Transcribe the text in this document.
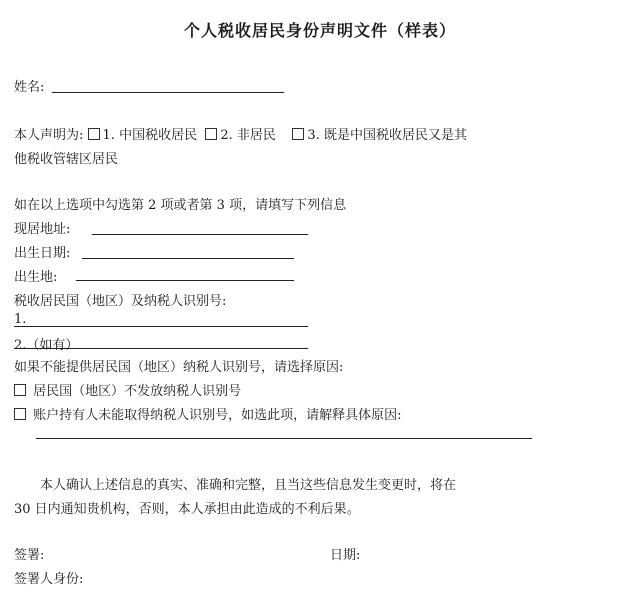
个人税收居民身份声明文件（样表）
姓名:
本人声明为: 1. 中国税收居民 2. 非居民 3. 既是中国税收居民又是其
他税收管辖区居民
如在以上选项中勾选第 2 项或者第 3 项，请填写下列信息
现居地址:
出生日期:
出生地:
税收居民国（地区）及纳税人识别号:
1.
2.（如有）
如果不能提供居民国（地区）纳税人识别号，请选择原因:
居民国（地区）不发放纳税人识别号
账户持有人未能取得纳税人识别号，如选此项，请解释具体原因:
本人确认上述信息的真实、准确和完整，且当这些信息发生变更时，将在
30 日内通知贵机构，否则，本人承担由此造成的不利后果。
签署:	日期:
签署人身份:
